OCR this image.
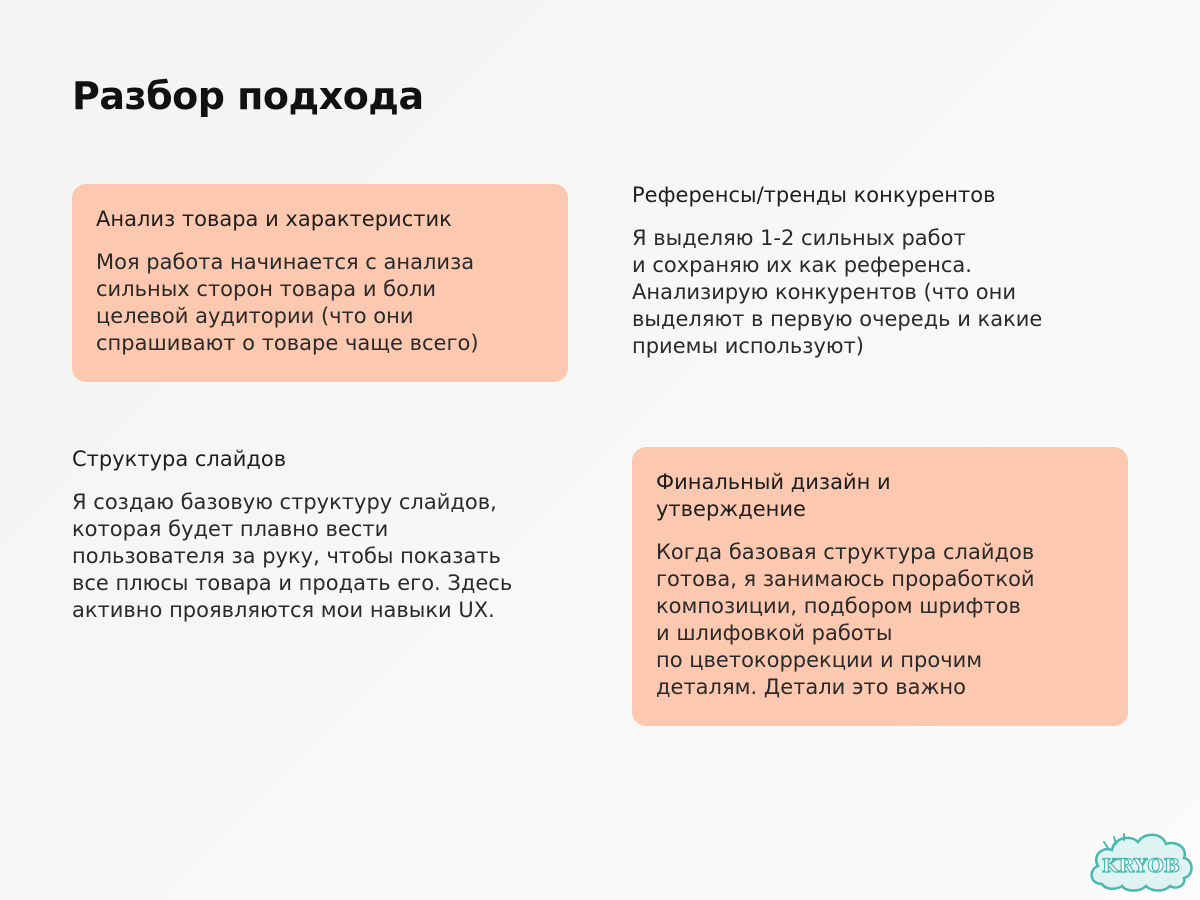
Разбор подхода
Анализ товара и характеристик

Моя работа начинается с анализа
сильных сторон товара и боли
целевой аудитории (что они
спрашивают о товаре чаще всего)

Референсы/тренды конкурентов

Я выделяю 1-2 сильных работ
и сохраняю их как референса.
Анализирую конкурентов (что они
выделяют в первую очередь и какие
приемы используют)

Структура слайдов

Я создаю базовую структуру слайдов,
которая будет плавно вести
пользователя за руку, чтобы показать
все плюсы товара и продать его. Здесь
активно проявляются мои навыки UX.

Финальный дизайн и
утверждение

Когда базовая структура слайдов
готова, я занимаюсь проработкой
композиции, подбором шрифтов
и шлифовкой работы
по цветокоррекции и прочим
деталям. Детали это важно

KRYOB
